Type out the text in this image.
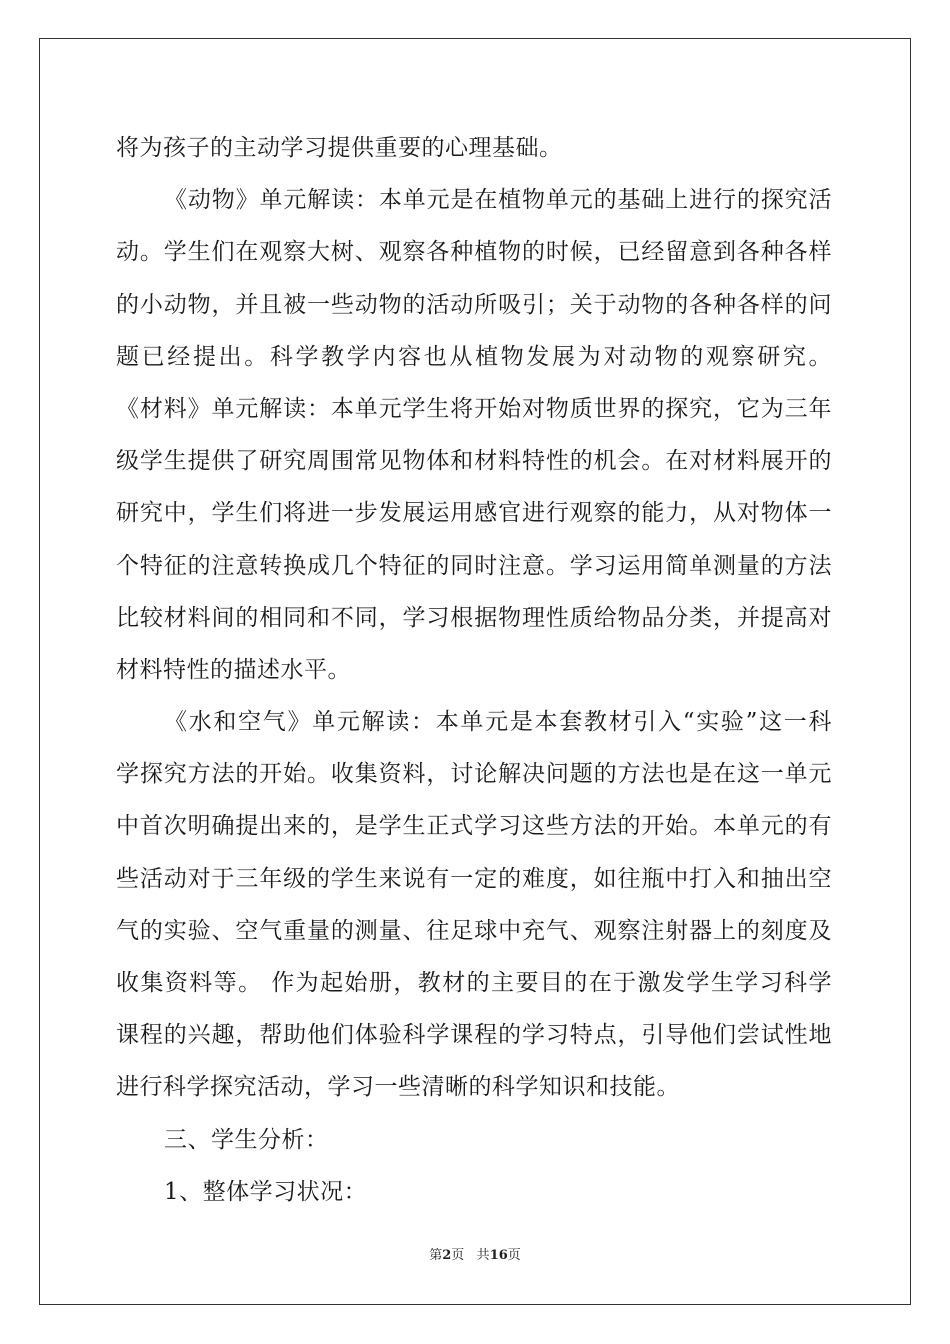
将为孩子的主动学习提供重要的心理基础。
《动物》单元解读：本单元是在植物单元的基础上进行的探究活
动。学生们在观察大树、观察各种植物的时候，已经留意到各种各样
的小动物，并且被一些动物的活动所吸引；关于动物的各种各样的问
题已经提出。科学教学内容也从植物发展为对动物的观察研究。
《材料》单元解读：本单元学生将开始对物质世界的探究，它为三年
级学生提供了研究周围常见物体和材料特性的机会。在对材料展开的
研究中，学生们将进一步发展运用感官进行观察的能力，从对物体一
个特征的注意转换成几个特征的同时注意。学习运用简单测量的方法
比较材料间的相同和不同，学习根据物理性质给物品分类，并提高对
材料特性的描述水平。
《水和空气》单元解读：本单元是本套教材引入“实验”这一科
学探究方法的开始。收集资料，讨论解决问题的方法也是在这一单元
中首次明确提出来的，是学生正式学习这些方法的开始。本单元的有
些活动对于三年级的学生来说有一定的难度，如往瓶中打入和抽出空
气的实验、空气重量的测量、往足球中充气、观察注射器上的刻度及
收集资料等。 作为起始册，教材的主要目的在于激发学生学习科学
课程的兴趣，帮助他们体验科学课程的学习特点，引导他们尝试性地
进行科学探究活动，学习一些清晰的科学知识和技能。
三、学生分析：
1、整体学习状况：
第2页 共16页
